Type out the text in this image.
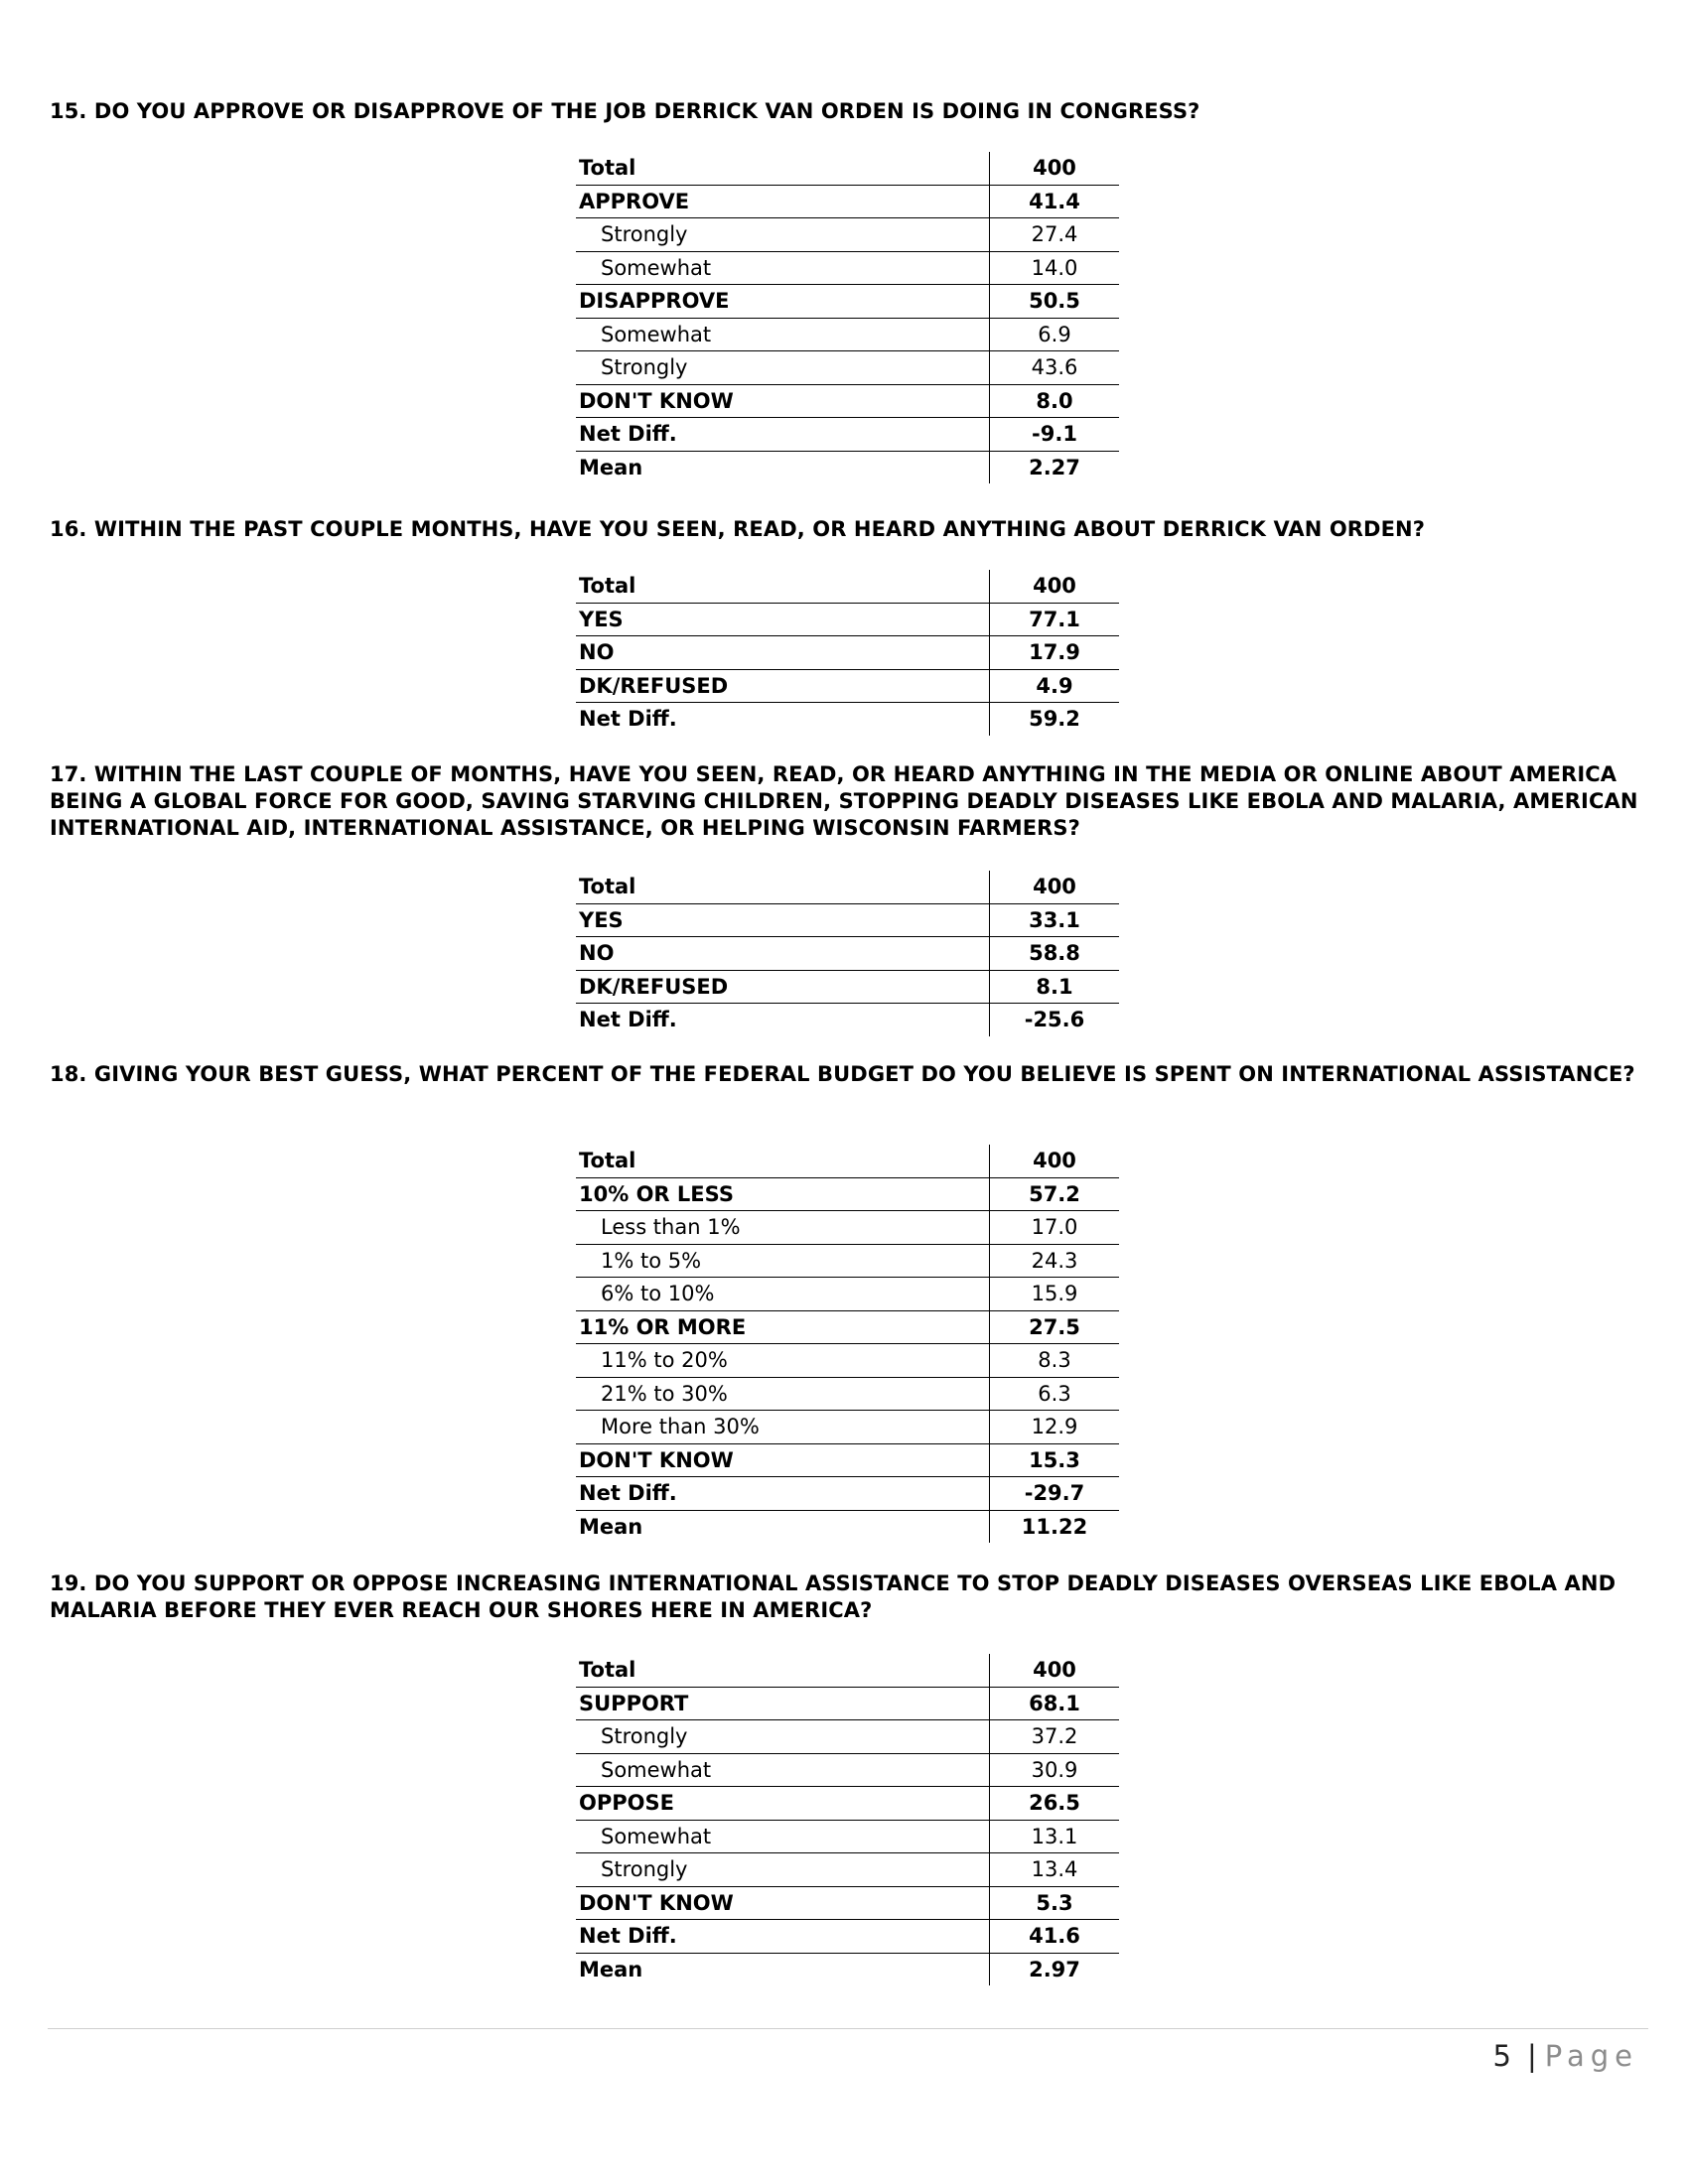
15. DO YOU APPROVE OR DISAPPROVE OF THE JOB DERRICK VAN ORDEN IS DOING IN CONGRESS?
Total	400
APPROVE	41.4
Strongly	27.4
Somewhat	14.0
DISAPPROVE	50.5
Somewhat	6.9
Strongly	43.6
DON'T KNOW	8.0
Net Diff.	-9.1
Mean	2.27
16. WITHIN THE PAST COUPLE MONTHS, HAVE YOU SEEN, READ, OR HEARD ANYTHING ABOUT DERRICK VAN ORDEN?
Total	400
YES	77.1
NO	17.9
DK/REFUSED	4.9
Net Diff.	59.2
17. WITHIN THE LAST COUPLE OF MONTHS, HAVE YOU SEEN, READ, OR HEARD ANYTHING IN THE MEDIA OR ONLINE ABOUT AMERICA BEING A GLOBAL FORCE FOR GOOD, SAVING STARVING CHILDREN, STOPPING DEADLY DISEASES LIKE EBOLA AND MALARIA, AMERICAN INTERNATIONAL AID, INTERNATIONAL ASSISTANCE, OR HELPING WISCONSIN FARMERS?
Total	400
YES	33.1
NO	58.8
DK/REFUSED	8.1
Net Diff.	-25.6
18. GIVING YOUR BEST GUESS, WHAT PERCENT OF THE FEDERAL BUDGET DO YOU BELIEVE IS SPENT ON INTERNATIONAL ASSISTANCE?
Total	400
10% OR LESS	57.2
Less than 1%	17.0
1% to 5%	24.3
6% to 10%	15.9
11% OR MORE	27.5
11% to 20%	8.3
21% to 30%	6.3
More than 30%	12.9
DON'T KNOW	15.3
Net Diff.	-29.7
Mean	11.22
19. DO YOU SUPPORT OR OPPOSE INCREASING INTERNATIONAL ASSISTANCE TO STOP DEADLY DISEASES OVERSEAS LIKE EBOLA AND MALARIA BEFORE THEY EVER REACH OUR SHORES HERE IN AMERICA?
Total	400
SUPPORT	68.1
Strongly	37.2
Somewhat	30.9
OPPOSE	26.5
Somewhat	13.1
Strongly	13.4
DON'T KNOW	5.3
Net Diff.	41.6
Mean	2.97
5 | Page
